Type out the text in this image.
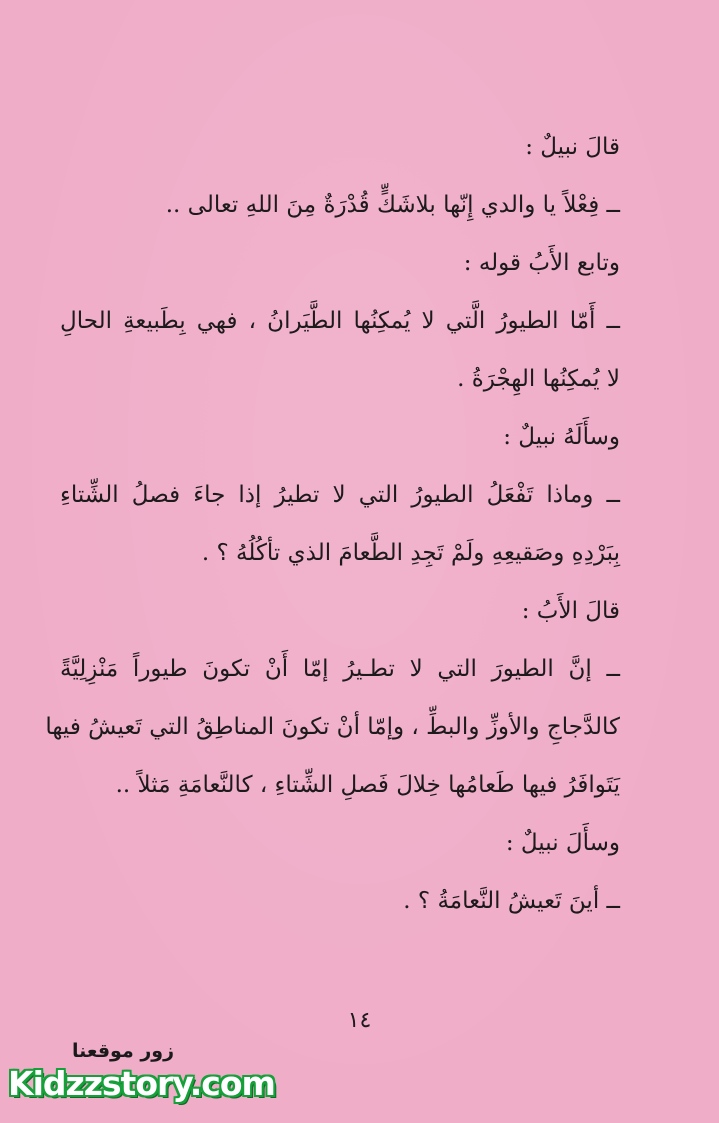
قالَ نبيلٌ :
ــ فِعْلاً يا والدي إِنّها بلاشَكٍّ قُدْرَةٌ مِنَ اللهِ تعالى ..
وتابع الأَبُ قوله :
ــ أَمّا الطيورُ الَّتي لا يُمكِنُها الطَّيَرانُ ، فهي بِطَبيعةِ الحالِ
لا يُمكِنُها الهِجْرَةُ .
وسأَلَهُ نبيلٌ :
ــ وماذا تَفْعَلُ الطيورُ التي لا تطيرُ إذا جاءَ فصلُ الشِّتاءِ
بِبَرْدِهِ وصَقيعِهِ ولَمْ تَجِدِ الطَّعامَ الذي تأكُلُهُ ؟ .
قالَ الأَبُ :
ــ إنَّ الطيورَ التي لا تطـيرُ إمّا أَنْ تكونَ طيوراً مَنْزِلِيَّةً
كالدَّجاجِ والأوزِّ والبطِّ ، وإمّا أنْ تكونَ المناطِقُ التي تَعيشُ فيها
يَتَوافَرُ فيها طَعامُها خِلالَ فَصلِ الشِّتاءِ ، كالنَّعامَةِ مَثلاً ..
وسأَلَ نبيلٌ :
ــ أينَ تَعيشُ النَّعامَةُ ؟ .
١٤
زور موقعنا
Kidzzstory.com
